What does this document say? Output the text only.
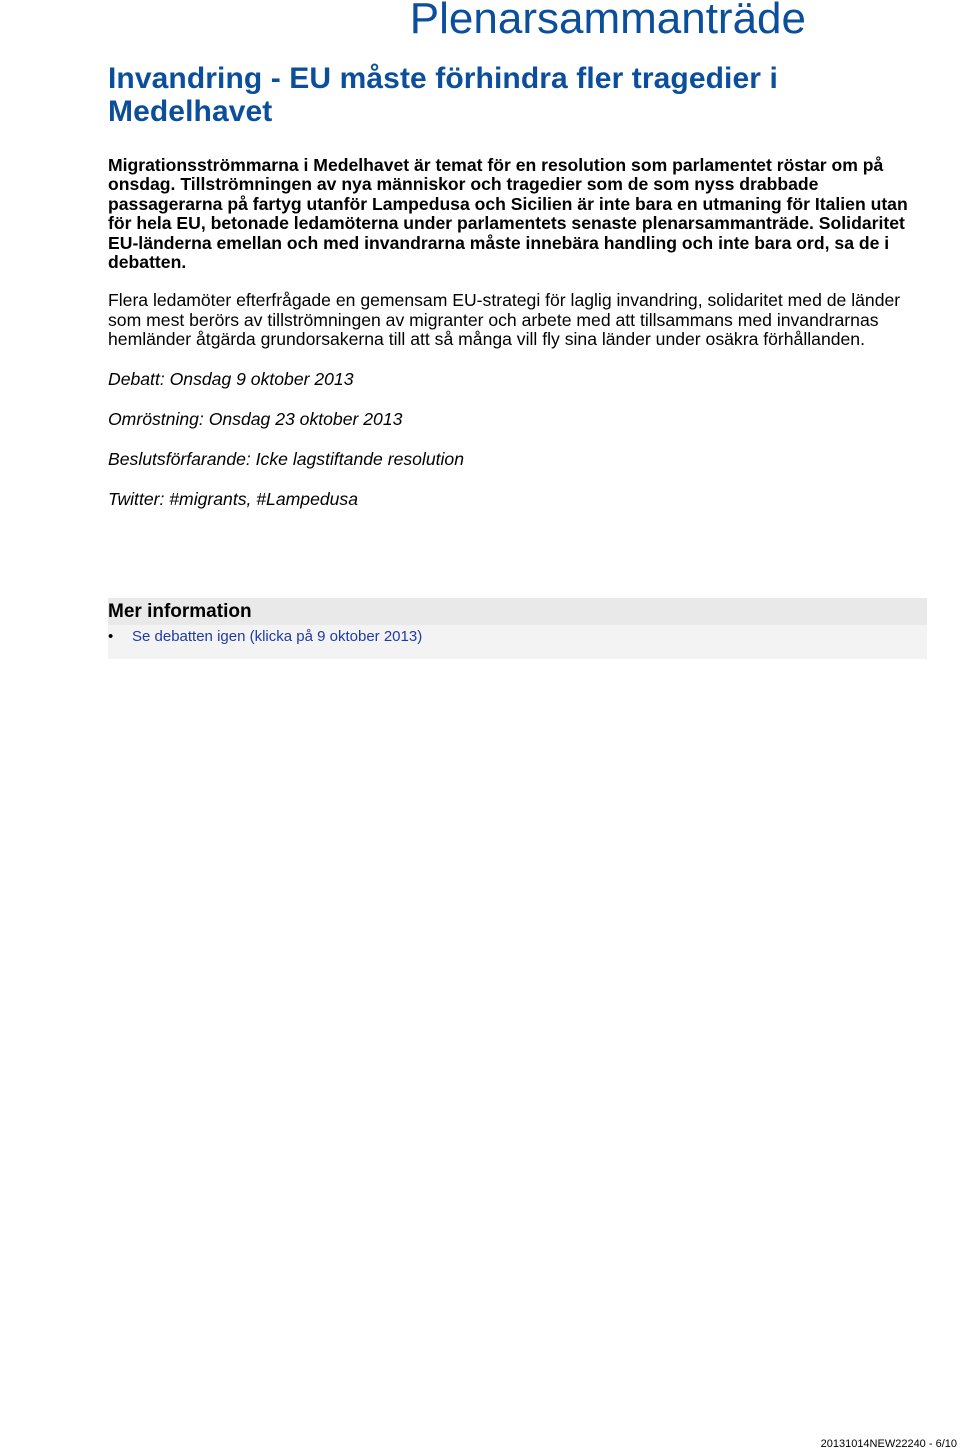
Plenarsammanträde
Invandring - EU måste förhindra fler tragedier i Medelhavet

Migrationsströmmarna i Medelhavet är temat för en resolution som parlamentet röstar om på onsdag. Tillströmningen av nya människor och tragedier som de som nyss drabbade passagerarna på fartyg utanför Lampedusa och Sicilien är inte bara en utmaning för Italien utan för hela EU, betonade ledamöterna under parlamentets senaste plenarsammanträde. Solidaritet EU-länderna emellan och med invandrarna måste innebära handling och inte bara ord, sa de i debatten.

Flera ledamöter efterfrågade en gemensam EU-strategi för laglig invandring, solidaritet med de länder som mest berörs av tillströmningen av migranter och arbete med att tillsammans med invandrarnas hemländer åtgärda grundorsakerna till att så många vill fly sina länder under osäkra förhållanden.

Debatt: Onsdag 9 oktober 2013

Omröstning: Onsdag 23 oktober 2013

Beslutsförfarande: Icke lagstiftande resolution

Twitter: #migrants, #Lampedusa

Mer information
• Se debatten igen (klicka på 9 oktober 2013)
20131014NEW22240 - 6/10
